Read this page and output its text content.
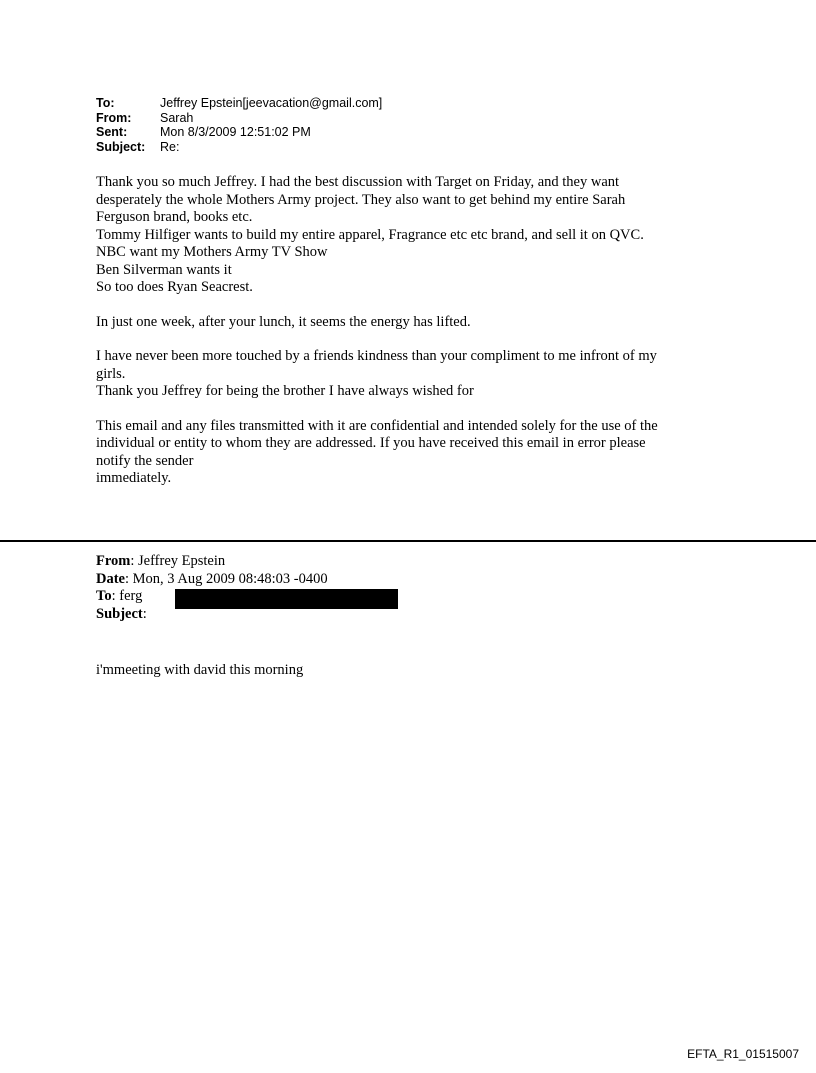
To:	Jeffrey Epstein[jeevacation@gmail.com]
From:	Sarah
Sent:	Mon 8/3/2009 12:51:02 PM
Subject:	Re:

Thank you so much Jeffrey. I had the best discussion with Target on Friday, and they want

desperately the whole Mothers Army project. They also want to get behind my entire Sarah

Ferguson brand, books etc.

Tommy Hilfiger wants to build my entire apparel, Fragrance etc etc brand, and sell it on QVC.

NBC want my Mothers Army TV Show

Ben Silverman wants it

So too does Ryan Seacrest.

In just one week, after your lunch, it seems the energy has lifted.

I have never been more touched by a friends kindness than your compliment to me infront of my

girls.

Thank you Jeffrey for being the brother I have always wished for

This email and any files transmitted with it are confidential and intended solely for the use of the

individual or entity to whom they are addressed. If you have received this email in error please

notify the sender

immediately.

From: Jeffrey Epstein
Date: Mon, 3 Aug 2009 08:48:03 -0400
To: ferg
Subject:
i'mmeeting with david this morning
EFTA_R1_01515007
